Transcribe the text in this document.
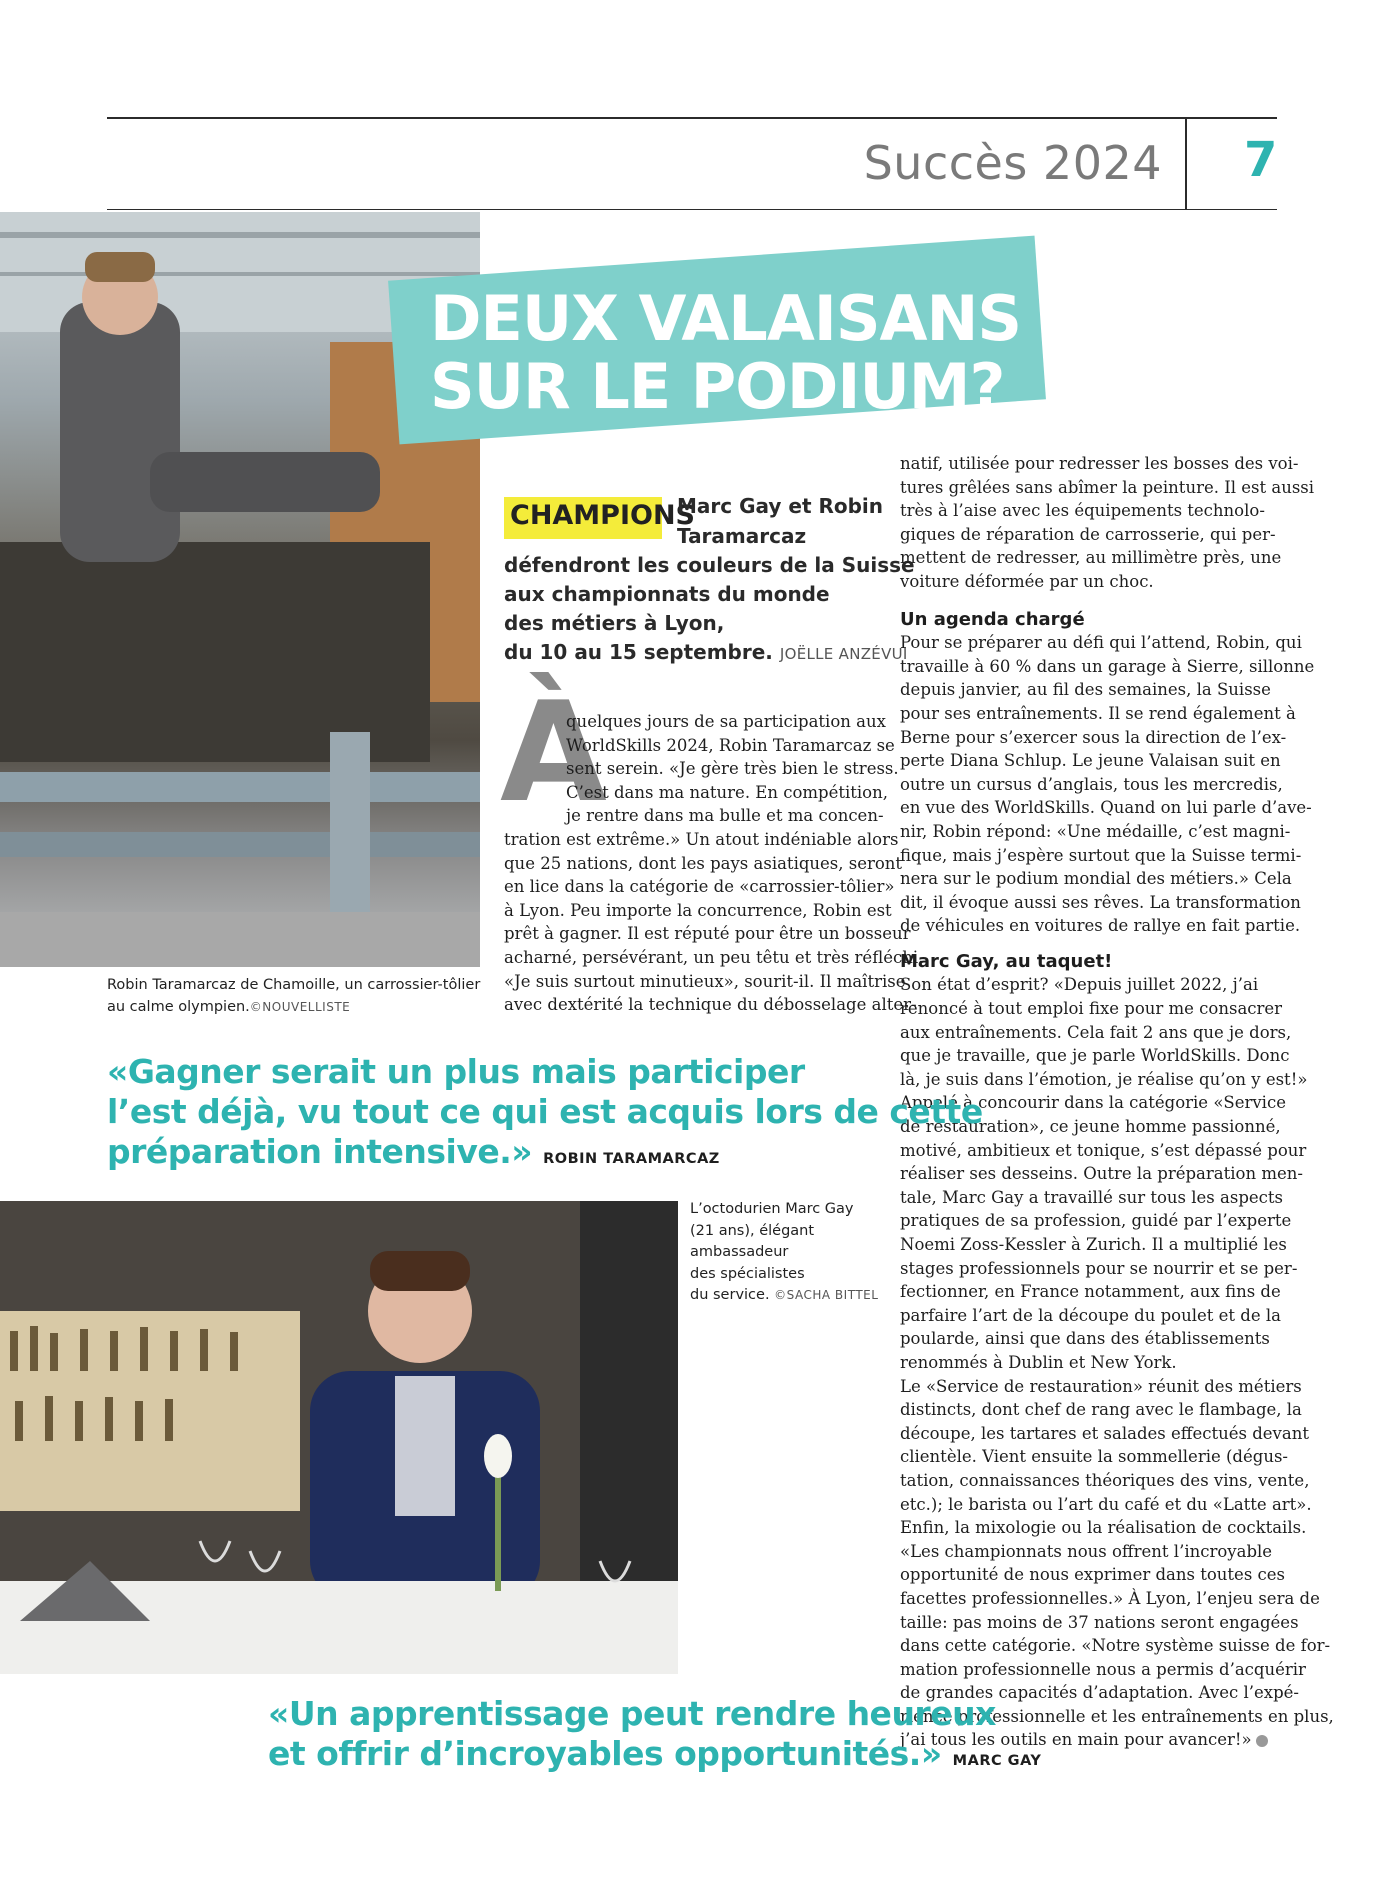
Succès 2024 7
Robin Taramarcaz de Chamoille, un carrossier-tôlier
au calme olympien.©NOUVELLISTE
DEUX VALAISANS
SUR LE PODIUM?
CHAMPIONS
Marc Gay et Robin
Taramarcaz
défendront les couleurs de la Suisse
aux championnats du monde
des métiers à Lyon,
du 10 au 15 septembre. JOËLLE ANZÉVUI
À

quelques jours de sa participation aux

WorldSkills 2024, Robin Taramarcaz se

sent serein. «Je gère très bien le stress.

C’est dans ma nature. En compétition,

je rentre dans ma bulle et ma concen-

tration est extrême.» Un atout indéniable alors

que 25 nations, dont les pays asiatiques, seront

en lice dans la catégorie de «carrossier-tôlier»

à Lyon. Peu importe la concurrence, Robin est

prêt à gagner. Il est réputé pour être un bosseur

acharné, persévérant, un peu têtu et très réfléchi.

«Je suis surtout minutieux», sourit-il. Il maîtrise

avec dextérité la technique du débosselage alter-

natif, utilisée pour redresser les bosses des voi-

tures grêlées sans abîmer la peinture. Il est aussi

très à l’aise avec les équipements technolo-

giques de réparation de carrosserie, qui per-

mettent de redresser, au millimètre près, une

voiture déformée par un choc.

Un agenda chargé

Pour se préparer au défi qui l’attend, Robin, qui

travaille à 60 % dans un garage à Sierre, sillonne

depuis janvier, au fil des semaines, la Suisse

pour ses entraînements. Il se rend également à

Berne pour s’exercer sous la direction de l’ex-

perte Diana Schlup. Le jeune Valaisan suit en

outre un cursus d’anglais, tous les mercredis,

en vue des WorldSkills. Quand on lui parle d’ave-

nir, Robin répond: «Une médaille, c’est magni-

fique, mais j’espère surtout que la Suisse termi-

nera sur le podium mondial des métiers.» Cela

dit, il évoque aussi ses rêves. La transformation

de véhicules en voitures de rallye en fait partie.

Marc Gay, au taquet!

Son état d’esprit? «Depuis juillet 2022, j’ai

renoncé à tout emploi fixe pour me consacrer

aux entraînements. Cela fait 2 ans que je dors,

que je travaille, que je parle WorldSkills. Donc

là, je suis dans l’émotion, je réalise qu’on y est!»

Appelé à concourir dans la catégorie «Service

de restauration», ce jeune homme passionné,

motivé, ambitieux et tonique, s’est dépassé pour

réaliser ses desseins. Outre la préparation men-

tale, Marc Gay a travaillé sur tous les aspects

pratiques de sa profession, guidé par l’experte

Noemi Zoss-Kessler à Zurich. Il a multiplié les

stages professionnels pour se nourrir et se per-

fectionner, en France notamment, aux fins de

parfaire l’art de la découpe du poulet et de la

poularde, ainsi que dans des établissements

renommés à Dublin et New York.

Le «Service de restauration» réunit des métiers

distincts, dont chef de rang avec le flambage, la

découpe, les tartares et salades effectués devant

clientèle. Vient ensuite la sommellerie (dégus-

tation, connaissances théoriques des vins, vente,

etc.); le barista ou l’art du café et du «Latte art».

Enfin, la mixologie ou la réalisation de cocktails.

«Les championnats nous offrent l’incroyable

opportunité de nous exprimer dans toutes ces

facettes professionnelles.» À Lyon, l’enjeu sera de

taille: pas moins de 37 nations seront engagées

dans cette catégorie. «Notre système suisse de for-

mation professionnelle nous a permis d’acquérir

de grandes capacités d’adaptation. Avec l’expé-

rience professionnelle et les entraînements en plus,

j’ai tous les outils en main pour avancer!»

«Gagner serait un plus mais participer
l’est déjà, vu tout ce qui est acquis lors de cette
préparation intensive.» ROBIN TARAMARCAZ
L’octodurien Marc Gay
(21 ans), élégant
ambassadeur
des spécialistes
du service. ©SACHA BITTEL
«Un apprentissage peut rendre heureux
et offrir d’incroyables opportunités.» MARC GAY
